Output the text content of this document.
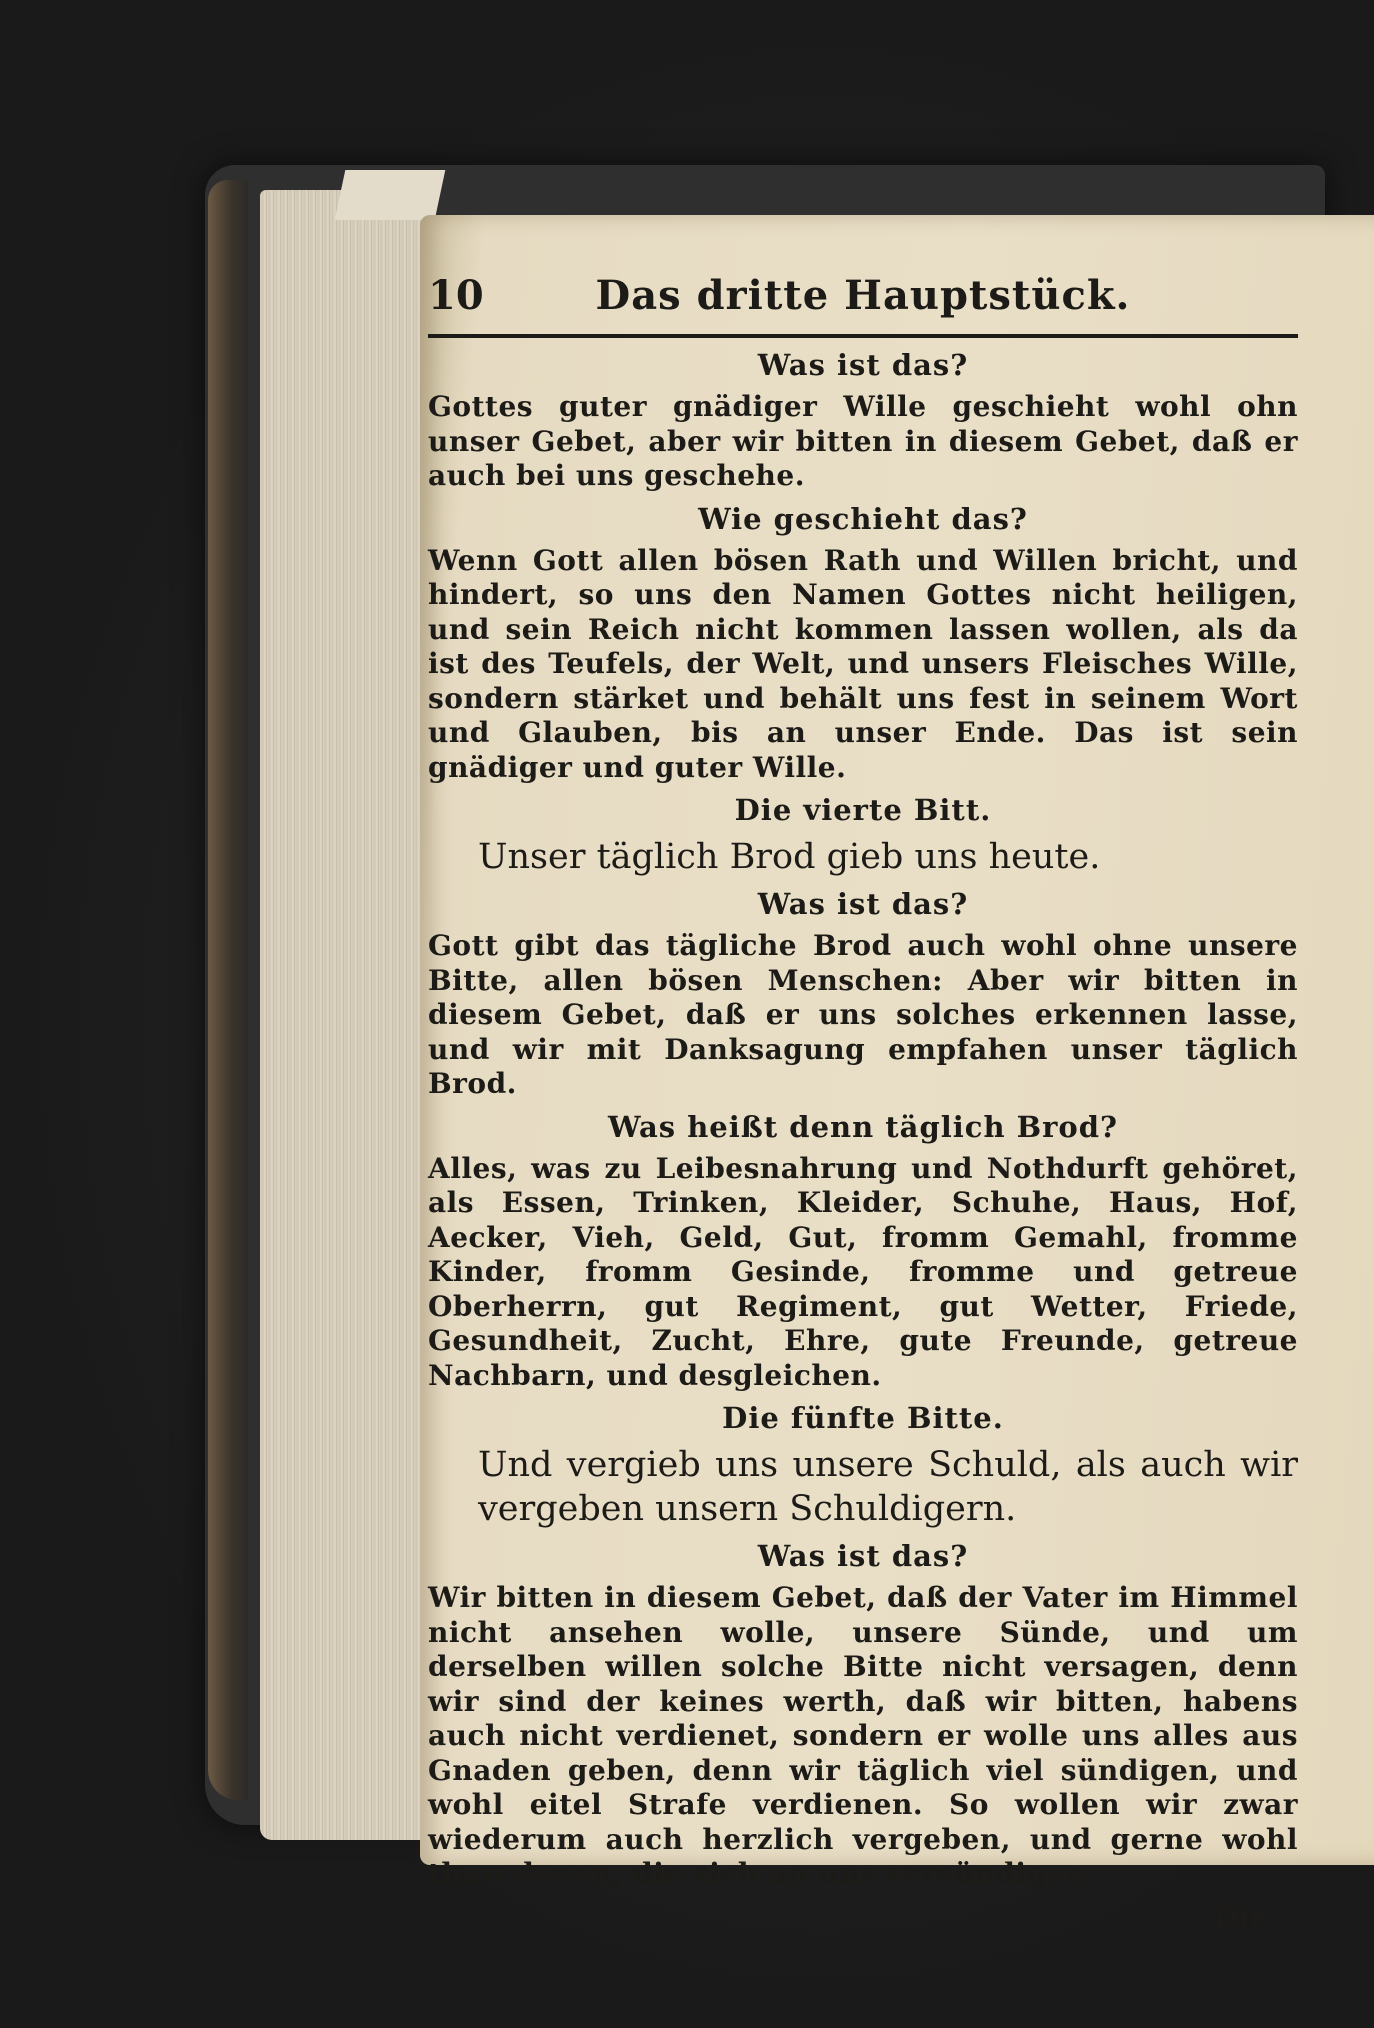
10	Das dritte Hauptstück.
Was ist das?
Gottes guter gnädiger Wille geschieht wohl ohn unser Gebet, aber wir bitten in diesem Gebet, daß er auch bei uns geschehe.
Wie geschieht das?
Wenn Gott allen bösen Rath und Willen bricht, und hindert, so uns den Namen Gottes nicht heiligen, und sein Reich nicht kommen lassen wollen, als da ist des Teufels, der Welt, und unsers Fleisches Wille, sondern stärket und behält uns fest in seinem Wort und Glauben, bis an unser Ende. Das ist sein gnädiger und guter Wille.
Die vierte Bitt.
Unser täglich Brod gieb uns heute.
Was ist das?
Gott gibt das tägliche Brod auch wohl ohne unsere Bitte, allen bösen Menschen: Aber wir bitten in diesem Gebet, daß er uns solches erkennen lasse, und wir mit Danksagung empfahen unser täglich Brod.
Was heißt denn täglich Brod?
Alles, was zu Leibesnahrung und Nothdurft gehöret, als Essen, Trinken, Kleider, Schuhe, Haus, Hof, Aecker, Vieh, Geld, Gut, fromm Gemahl, fromme Kinder, fromm Gesinde, fromme und getreue Oberherrn, gut Regiment, gut Wetter, Friede, Gesundheit, Zucht, Ehre, gute Freunde, getreue Nachbarn, und desgleichen.
Die fünfte Bitte.
Und vergieb uns unsere Schuld, als auch wir vergeben unsern Schuldigern.
Was ist das?
Wir bitten in diesem Gebet, daß der Vater im Himmel nicht ansehen wolle, unsere Sünde, und um derselben willen solche Bitte nicht versagen, denn wir sind der keines werth, daß wir bitten, habens auch nicht verdienet, sondern er wolle uns alles aus Gnaden geben, denn wir täglich viel sündigen, und wohl eitel Strafe verdienen. So wollen wir zwar wiederum auch herzlich vergeben, und gerne wohl thun denen, die sich an uns versündigen.
Die
